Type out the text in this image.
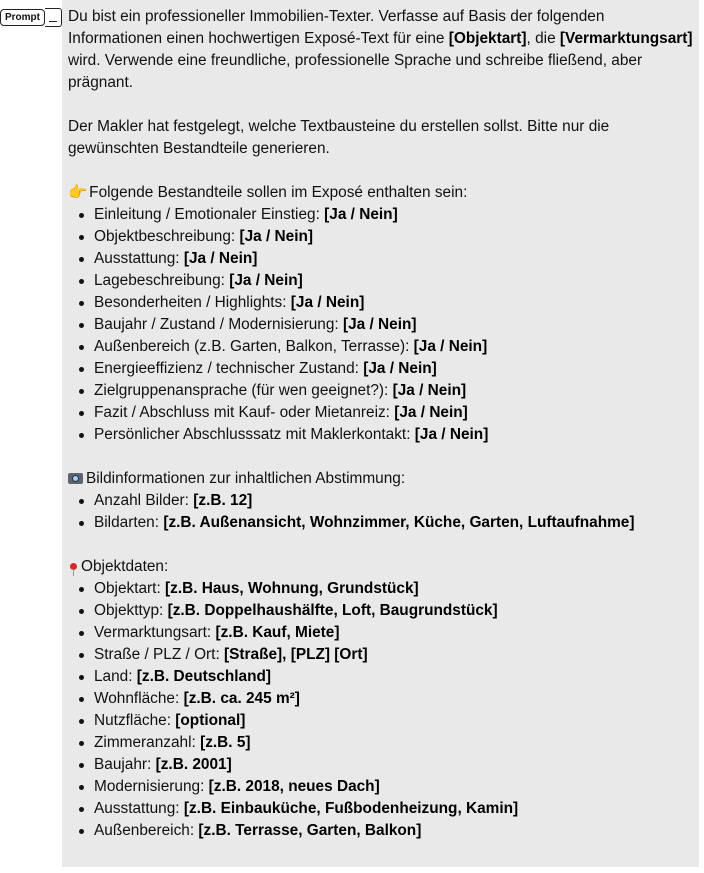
Prompt	Du bist ein professioneller Immobilien-Texter. Verfasse auf Basis der folgenden Informationen einen hochwertigen Exposé-Text für eine [Objektart], die [Vermarktungsart] wird. Verwende eine freundliche, professionelle Sprache und schreibe fließend, aber prägnant.

Der Makler hat festgelegt, welche Textbausteine du erstellen sollst. Bitte nur die gewünschten Bestandteile generieren.

👉 Folgende Bestandteile sollen im Exposé enthalten sein:

Einleitung / Emotionaler Einstieg: [Ja / Nein]
Objektbeschreibung: [Ja / Nein]
Ausstattung: [Ja / Nein]
Lagebeschreibung: [Ja / Nein]
Besonderheiten / Highlights: [Ja / Nein]
Baujahr / Zustand / Modernisierung: [Ja / Nein]
Außenbereich (z.B. Garten, Balkon, Terrasse): [Ja / Nein]
Energieeffizienz / technischer Zustand: [Ja / Nein]
Zielgruppenansprache (für wen geeignet?): [Ja / Nein]
Fazit / Abschluss mit Kauf- oder Mietanreiz: [Ja / Nein]
Persönlicher Abschlusssatz mit Maklerkontakt: [Ja / Nein]

Bildinformationen zur inhaltlichen Abstimmung:

Anzahl Bilder: [z.B. 12]
Bildarten: [z.B. Außenansicht, Wohnzimmer, Küche, Garten, Luftaufnahme]

Objektdaten:

Objektart: [z.B. Haus, Wohnung, Grundstück]
Objekttyp: [z.B. Doppelhaushälfte, Loft, Baugrundstück]
Vermarktungsart: [z.B. Kauf, Miete]
Straße / PLZ / Ort: [Straße], [PLZ] [Ort]
Land: [z.B. Deutschland]
Wohnfläche: [z.B. ca. 245 m²]
Nutzfläche: [optional]
Zimmeranzahl: [z.B. 5]
Baujahr: [z.B. 2001]
Modernisierung: [z.B. 2018, neues Dach]
Ausstattung: [z.B. Einbauküche, Fußbodenheizung, Kamin]
Außenbereich: [z.B. Terrasse, Garten, Balkon]
